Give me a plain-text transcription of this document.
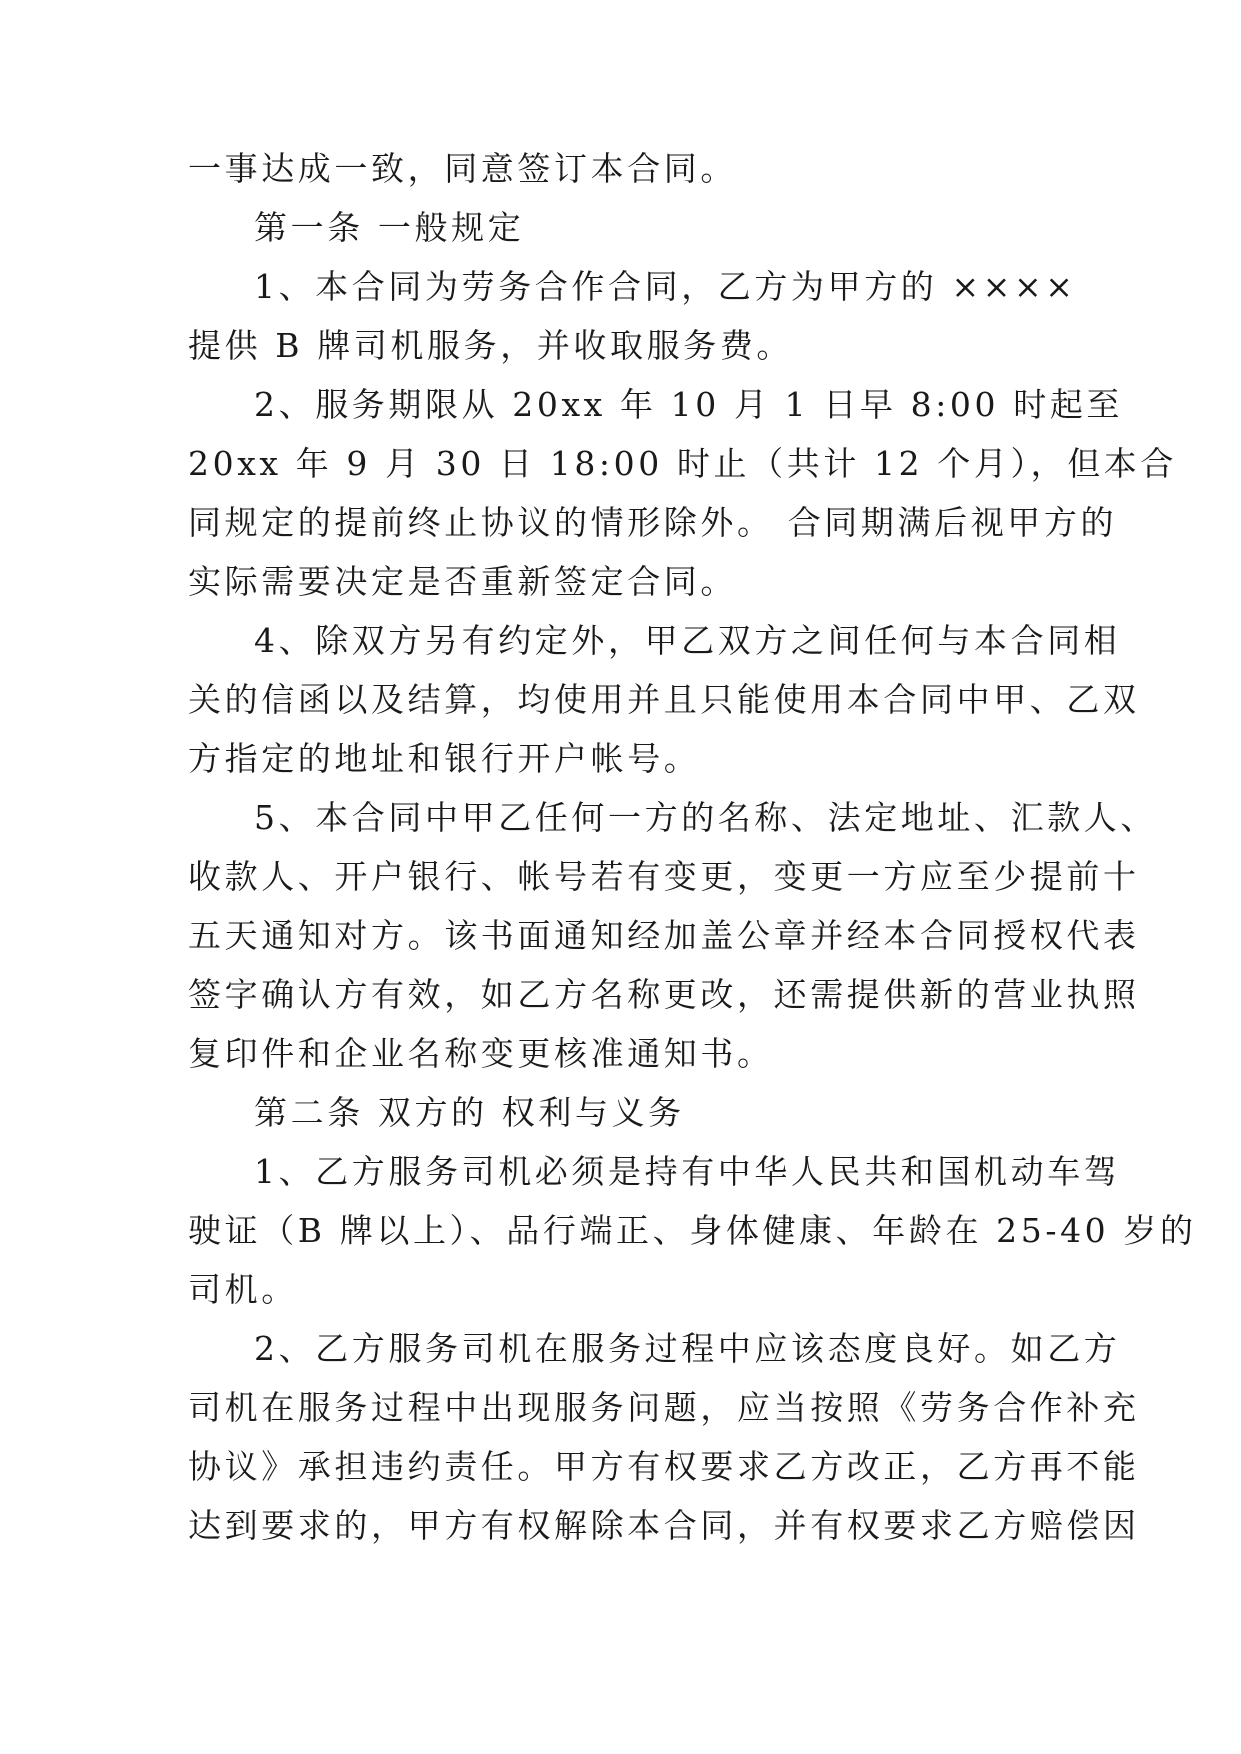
一事达成一致，同意签订本合同。
第一条 一般规定
1、本合同为劳务合作合同，乙方为甲方的 ××××
提供 B 牌司机服务，并收取服务费。
2、服务期限从 20xx 年 10 月 1 日早 8:00 时起至
20xx 年 9 月 30 日 18:00 时止（共计 12 个月），但本合
同规定的提前终止协议的情形除外。 合同期满后视甲方的
实际需要决定是否重新签定合同。
4、除双方另有约定外，甲乙双方之间任何与本合同相
关的信函以及结算，均使用并且只能使用本合同中甲、乙双
方指定的地址和银行开户帐号。
5、本合同中甲乙任何一方的名称、法定地址、汇款人、
收款人、开户银行、帐号若有变更，变更一方应至少提前十
五天通知对方。该书面通知经加盖公章并经本合同授权代表
签字确认方有效，如乙方名称更改，还需提供新的营业执照
复印件和企业名称变更核准通知书。
第二条 双方的 权利与义务
1、乙方服务司机必须是持有中华人民共和国机动车驾
驶证（B 牌以上）、品行端正、身体健康、年龄在 25-40 岁的
司机。
2、乙方服务司机在服务过程中应该态度良好。如乙方
司机在服务过程中出现服务问题，应当按照《劳务合作补充
协议》承担违约责任。甲方有权要求乙方改正，乙方再不能
达到要求的，甲方有权解除本合同，并有权要求乙方赔偿因
